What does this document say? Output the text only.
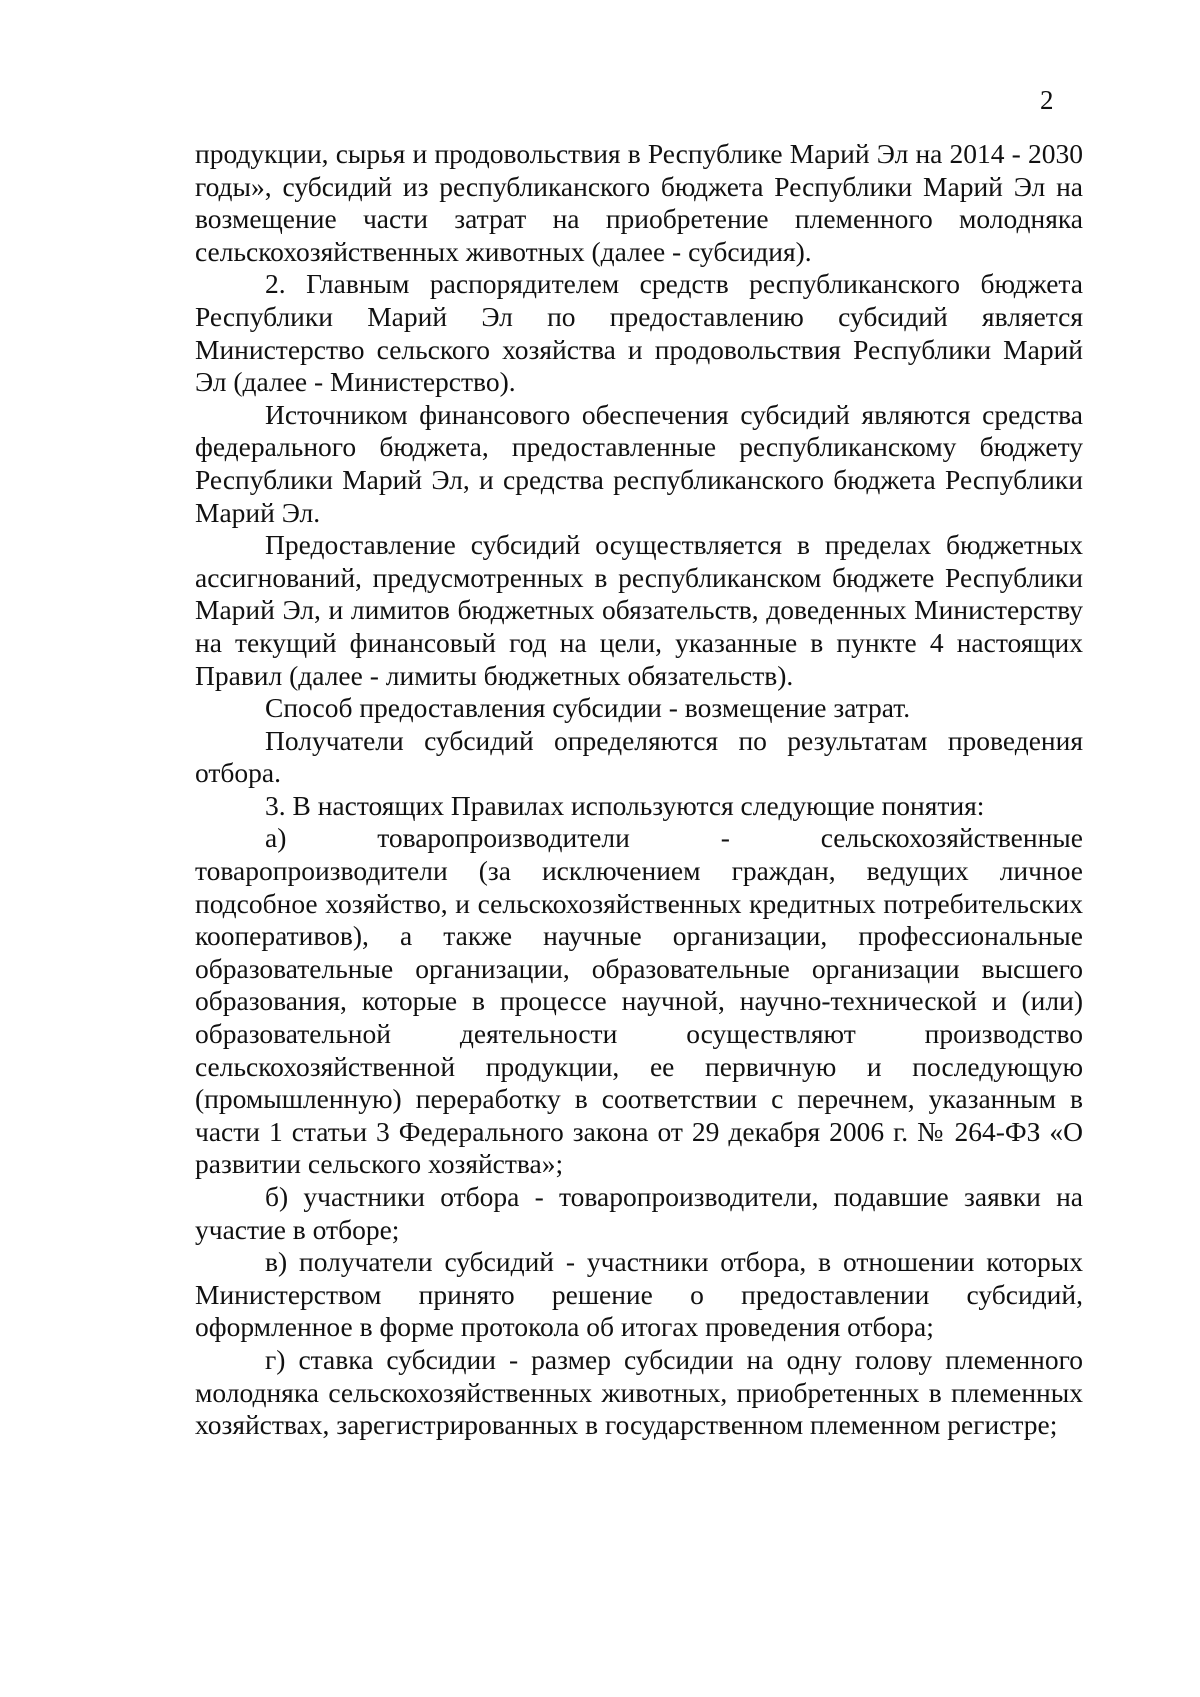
2

продукции, сырья и продовольствия в Республике Марий Эл на 2014 - 2030 годы», субсидий из республиканского бюджета Республики Марий Эл на возмещение части затрат на приобретение племенного молодняка сельскохозяйственных животных (далее - субсидия).

2. Главным распорядителем средств республиканского бюджета Республики Марий Эл по предоставлению субсидий является Министерство сельского хозяйства и продовольствия Республики Марий Эл (далее - Министерство).

Источником финансового обеспечения субсидий являются средства федерального бюджета, предоставленные республиканскому бюджету Республики Марий Эл, и средства республиканского бюджета Республики Марий Эл.

Предоставление субсидий осуществляется в пределах бюджетных ассигнований, предусмотренных в республиканском бюджете Республики Марий Эл, и лимитов бюджетных обязательств, доведенных Министерству на текущий финансовый год на цели, указанные в пункте 4 настоящих Правил (далее - лимиты бюджетных обязательств).

Способ предоставления субсидии - возмещение затрат.

Получатели субсидий определяются по результатам проведения отбора.

3. В настоящих Правилах используются следующие понятия:

а) товаропроизводители - сельскохозяйственные товаропроизводители (за исключением граждан, ведущих личное подсобное хозяйство, и сельскохозяйственных кредитных потребительских кооперативов), а также научные организации, профессиональные образовательные организации, образовательные организации высшего образования, которые в процессе научной, научно-технической и (или) образовательной деятельности осуществляют производство сельскохозяйственной продукции, ее первичную и последующую (промышленную) переработку в соответствии с перечнем, указанным в части 1 статьи 3 Федерального закона от 29 декабря 2006 г. № 264-ФЗ «О развитии сельского хозяйства»;

б) участники отбора - товаропроизводители, подавшие заявки на участие в отборе;

в) получатели субсидий - участники отбора, в отношении которых Министерством принято решение о предоставлении субсидий, оформленное в форме протокола об итогах проведения отбора;

г) ставка субсидии - размер субсидии на одну голову племенного молодняка сельскохозяйственных животных, приобретенных в племенных хозяйствах, зарегистрированных в государственном племенном регистре;
